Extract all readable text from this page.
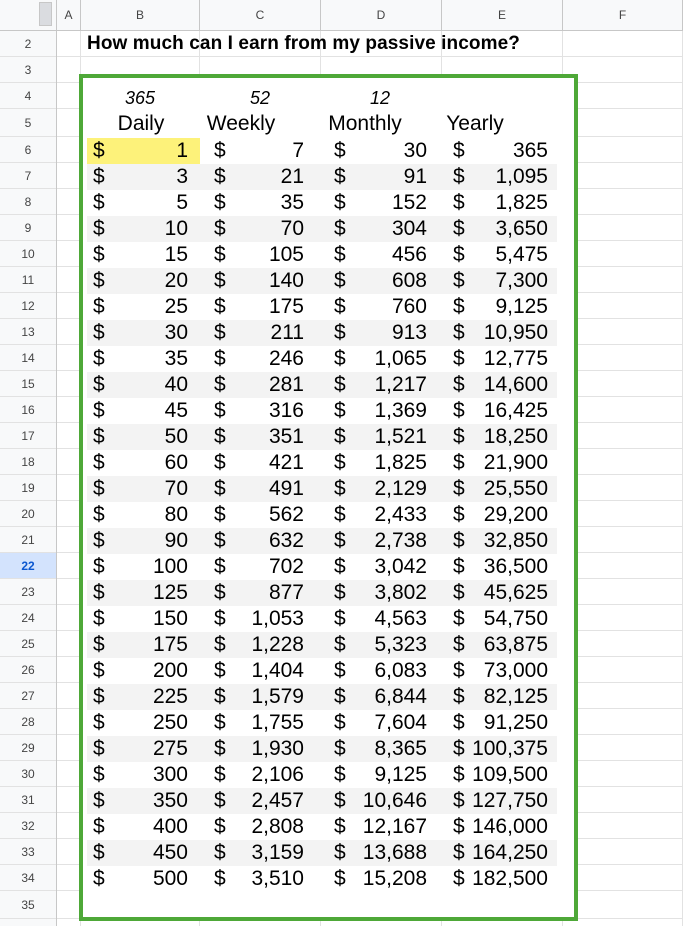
A	B	C	D	E	F
2
3
4
5
6
7
8
9
10
11
12
13
14
15
16
17
18
19
20
21
22
23
24
25
26
27
28
29
30
31
32
33
34
35
How much can I earn from my passive income?
365	52	12
Daily	Weekly	Monthly	Yearly
$	1 $	7 $	30 $ 365
$	3 $	21 $	91 $ 1,095
$	5 $	35 $ 152 $ 1,825
$	10 $	70 $ 304 $ 3,650
$	15 $ 105 $ 456 $ 5,475
$	20 $ 140 $ 608 $ 7,300
$	25 $ 175 $ 760 $ 9,125
$	30 $ 211 $ 913 $ 10,950
$	35 $ 246 $ 1,065 $ 12,775
$	40 $ 281 $ 1,217 $ 14,600
$	45 $ 316 $ 1,369 $ 16,425
$	50 $ 351 $ 1,521 $ 18,250
$	60 $ 421 $ 1,825 $ 21,900
$	70 $ 491 $ 2,129 $ 25,550
$	80 $ 562 $ 2,433 $ 29,200
$	90 $ 632 $ 2,738 $ 32,850
$ 100 $ 702 $ 3,042 $ 36,500
$ 125 $ 877 $ 3,802 $ 45,625
$ 150 $ 1,053 $ 4,563 $ 54,750
$ 175 $ 1,228 $ 5,323 $ 63,875
$ 200 $ 1,404 $ 6,083 $ 73,000
$ 225 $ 1,579 $ 6,844 $ 82,125
$ 250 $ 1,755 $ 7,604 $ 91,250
$ 275 $ 1,930 $ 8,365 $ 100,375
$ 300 $ 2,106 $ 9,125 $ 109,500
$ 350 $ 2,457 $ 10,646 $ 127,750
$ 400 $ 2,808 $ 12,167 $ 146,000
$ 450 $ 3,159 $ 13,688 $ 164,250
$ 500 $ 3,510 $ 15,208 $ 182,500
